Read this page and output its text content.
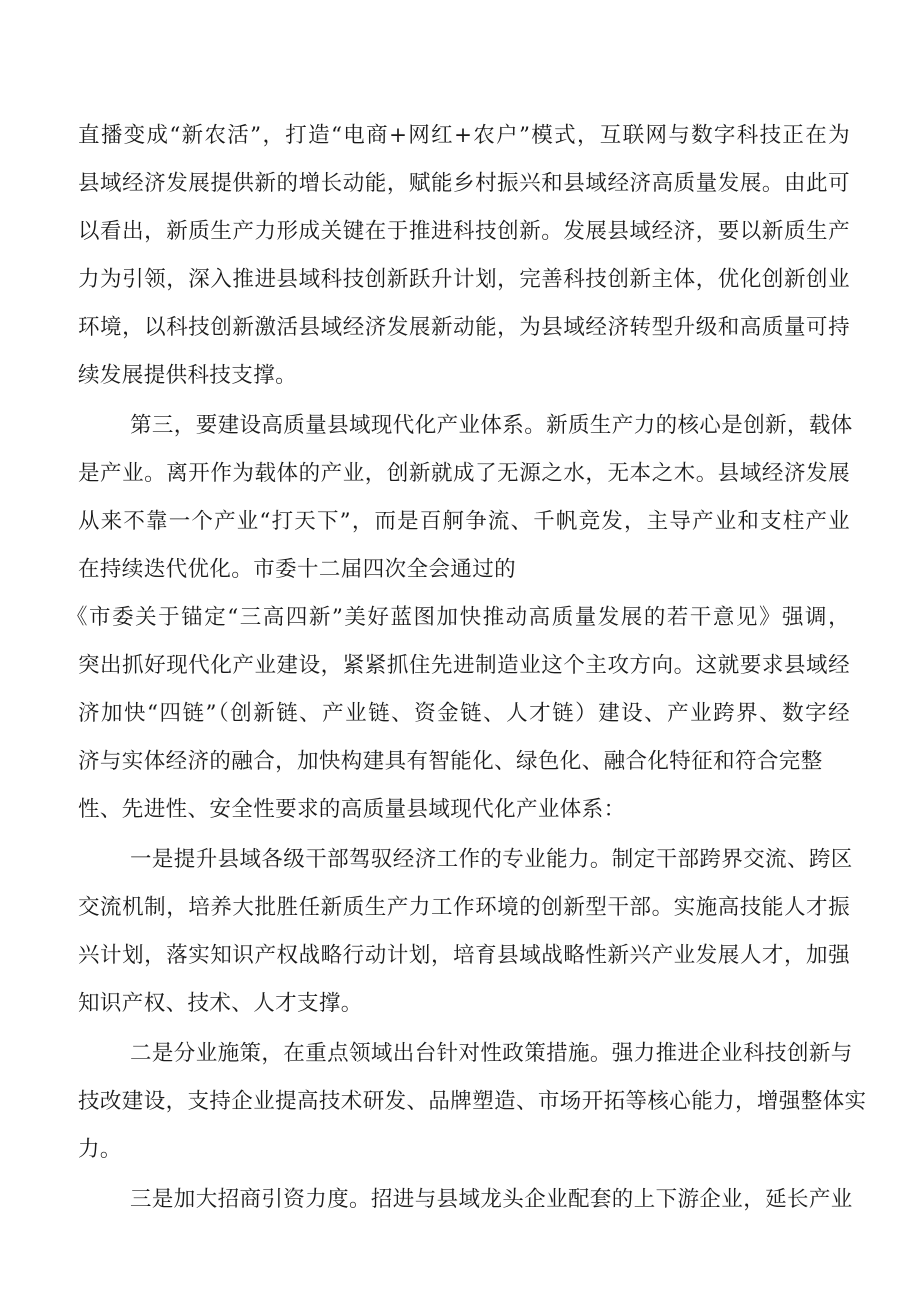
直播变成“新农活”，打造“电商+网红+农户”模式，互联网与数字科技正在为
县域经济发展提供新的增长动能，赋能乡村振兴和县域经济高质量发展。由此可
以看出，新质生产力形成关键在于推进科技创新。发展县域经济，要以新质生产
力为引领，深入推进县域科技创新跃升计划，完善科技创新主体，优化创新创业
环境，以科技创新激活县域经济发展新动能，为县域经济转型升级和高质量可持
续发展提供科技支撑。
第三，要建设高质量县域现代化产业体系。新质生产力的核心是创新，载体
是产业。离开作为载体的产业，创新就成了无源之水，无本之木。县域经济发展
从来不靠一个产业“打天下”，而是百舸争流、千帆竞发，主导产业和支柱产业
在持续迭代优化。市委十二届四次全会通过的
《市委关于锚定“三高四新”美好蓝图加快推动高质量发展的若干意见》强调，
突出抓好现代化产业建设，紧紧抓住先进制造业这个主攻方向。这就要求县域经
济加快“四链”（创新链、产业链、资金链、人才链）建设、产业跨界、数字经
济与实体经济的融合，加快构建具有智能化、绿色化、融合化特征和符合完整
性、先进性、安全性要求的高质量县域现代化产业体系：
一是提升县域各级干部驾驭经济工作的专业能力。制定干部跨界交流、跨区
交流机制，培养大批胜任新质生产力工作环境的创新型干部。实施高技能人才振
兴计划，落实知识产权战略行动计划，培育县域战略性新兴产业发展人才，加强
知识产权、技术、人才支撑。
二是分业施策，在重点领域出台针对性政策措施。强力推进企业科技创新与
技改建设，支持企业提高技术研发、品牌塑造、市场开拓等核心能力，增强整体实
力。
三是加大招商引资力度。招进与县域龙头企业配套的上下游企业，延长产业
